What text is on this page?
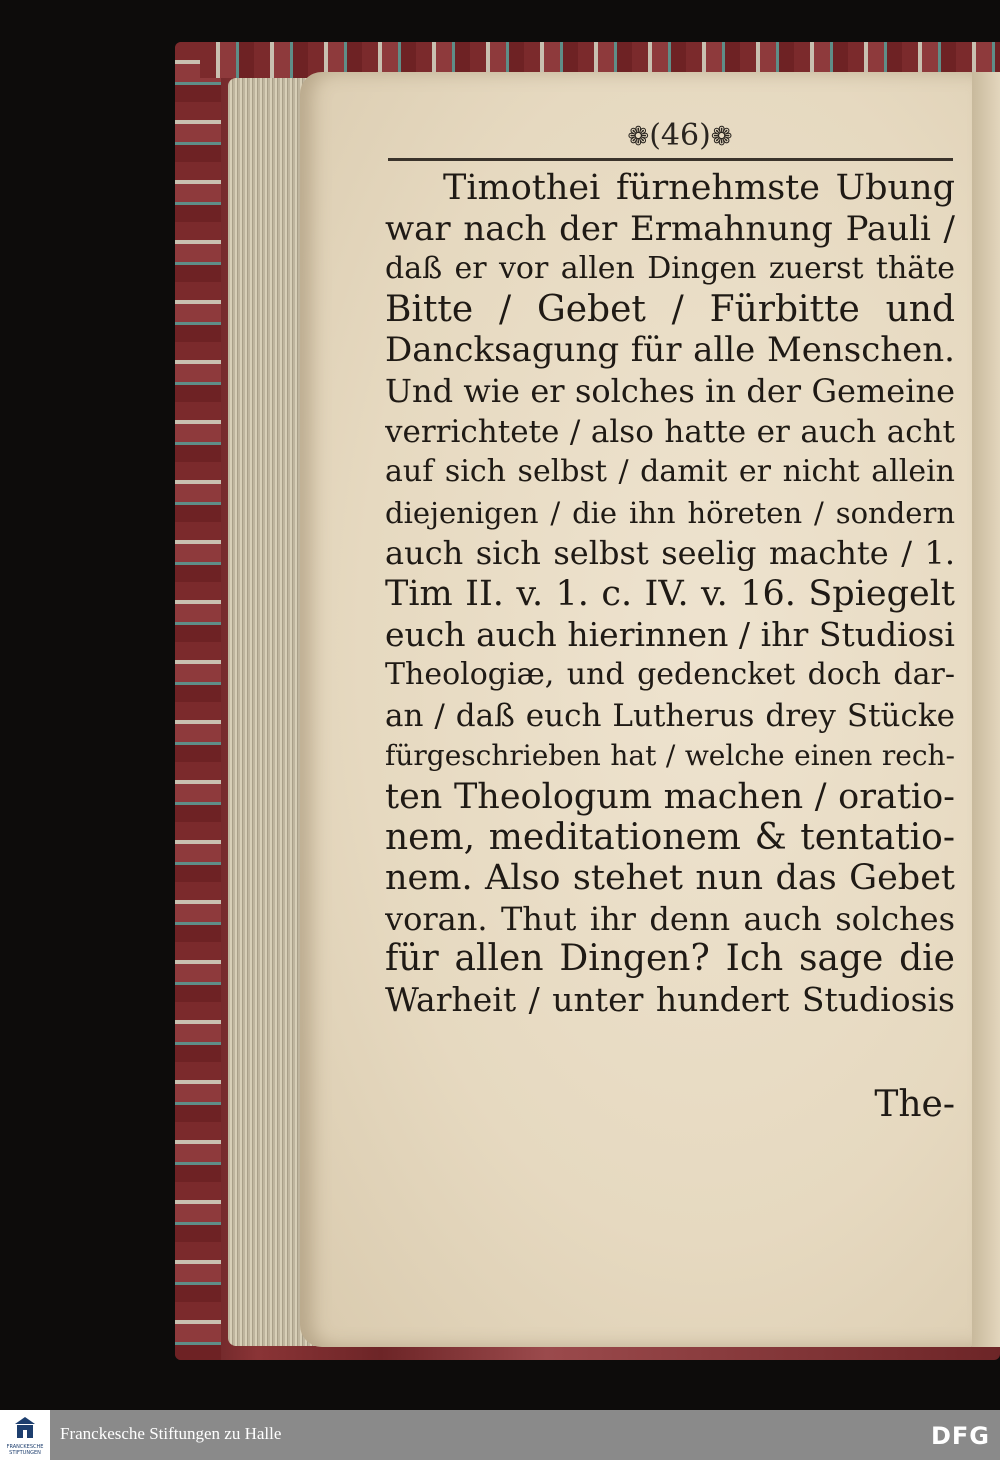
❁(46)❁
Timothei fürnehmste Ubung
war nach der Ermahnung Pauli /
daß er vor allen Dingen zuerst thäte
Bitte / Gebet / Fürbitte und
Dancksagung für alle Menschen.
Und wie er solches in der Gemeine
verrichtete / also hatte er auch acht
auf sich selbst / damit er nicht allein
diejenigen / die ihn höreten / sondern
auch sich selbst seelig machte / 1.
Tim II. v. 1. c. IV. v. 16. Spiegelt
euch auch hierinnen / ihr Studiosi
Theologiæ, und gedencket doch dar-
an / daß euch Lutherus drey Stücke
fürgeschrieben hat / welche einen rech-
ten Theologum machen / oratio-
nem, meditationem & tentatio-
nem. Also stehet nun das Gebet
voran. Thut ihr denn auch solches
für allen Dingen? Ich sage die
Warheit / unter hundert Studiosis
The-
FRANCKESCHE STIFTUNGEN
Franckesche Stiftungen zu Halle	DFG
